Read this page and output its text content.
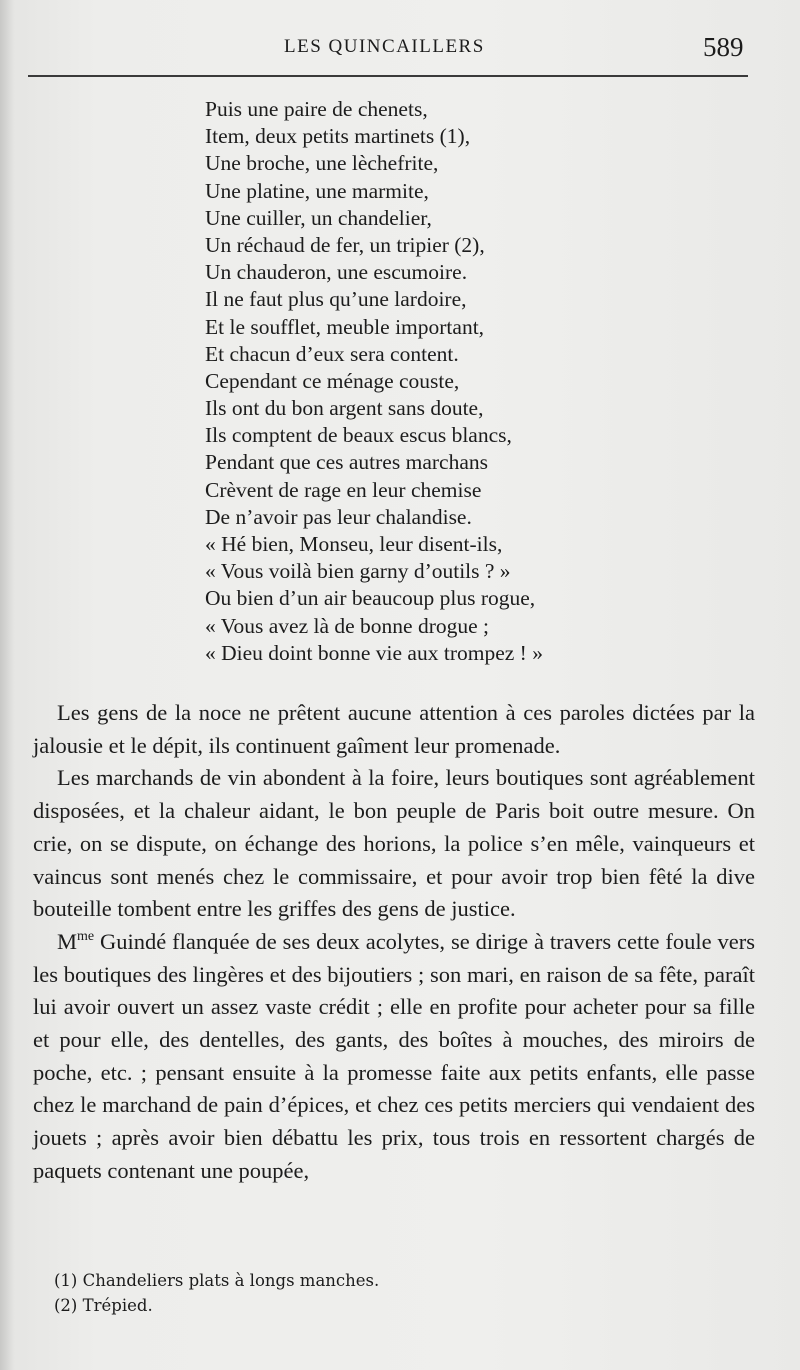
LES QUINCAILLERS	589
Puis une paire de chenets,
Item, deux petits martinets (1),
Une broche, une lèchefrite,
Une platine, une marmite,
Une cuiller, un chandelier,
Un réchaud de fer, un tripier (2),
Un chauderon, une escumoire.
Il ne faut plus qu’une lardoire,
Et le soufflet, meuble important,
Et chacun d’eux sera content.
Cependant ce ménage couste,
Ils ont du bon argent sans doute,
Ils comptent de beaux escus blancs,
Pendant que ces autres marchans
Crèvent de rage en leur chemise
De n’avoir pas leur chalandise.
« Hé bien, Monseu, leur disent-ils,
« Vous voilà bien garny d’outils ? »
Ou bien d’un air beaucoup plus rogue,
« Vous avez là de bonne drogue ;
« Dieu doint bonne vie aux trompez ! »

Les gens de la noce ne prêtent aucune attention à ces paroles dictées par la jalousie et le dépit, ils continuent gaîment leur promenade.

Les marchands de vin abondent à la foire, leurs boutiques sont agréablement disposées, et la chaleur aidant, le bon peuple de Paris boit outre mesure. On crie, on se dispute, on échange des horions, la police s’en mêle, vainqueurs et vaincus sont menés chez le commissaire, et pour avoir trop bien fêté la dive bouteille tombent entre les griffes des gens de justice.

$M^{me}$ Guindé flanquée de ses deux acolytes, se dirige à travers cette foule vers les boutiques des lingères et des bijoutiers ; son mari, en raison de sa fête, paraît lui avoir ouvert un assez vaste crédit ; elle en profite pour acheter pour sa fille et pour elle, des dentelles, des gants, des boîtes à mouches, des miroirs de poche, etc. ; pensant ensuite à la promesse faite aux petits enfants, elle passe chez le marchand de pain d’épices, et chez ces petits merciers qui vendaient des jouets ; après avoir bien débattu les prix, tous trois en ressortent chargés de paquets contenant une poupée,

(1) Chandeliers plats à longs manches.
(2) Trépied.
